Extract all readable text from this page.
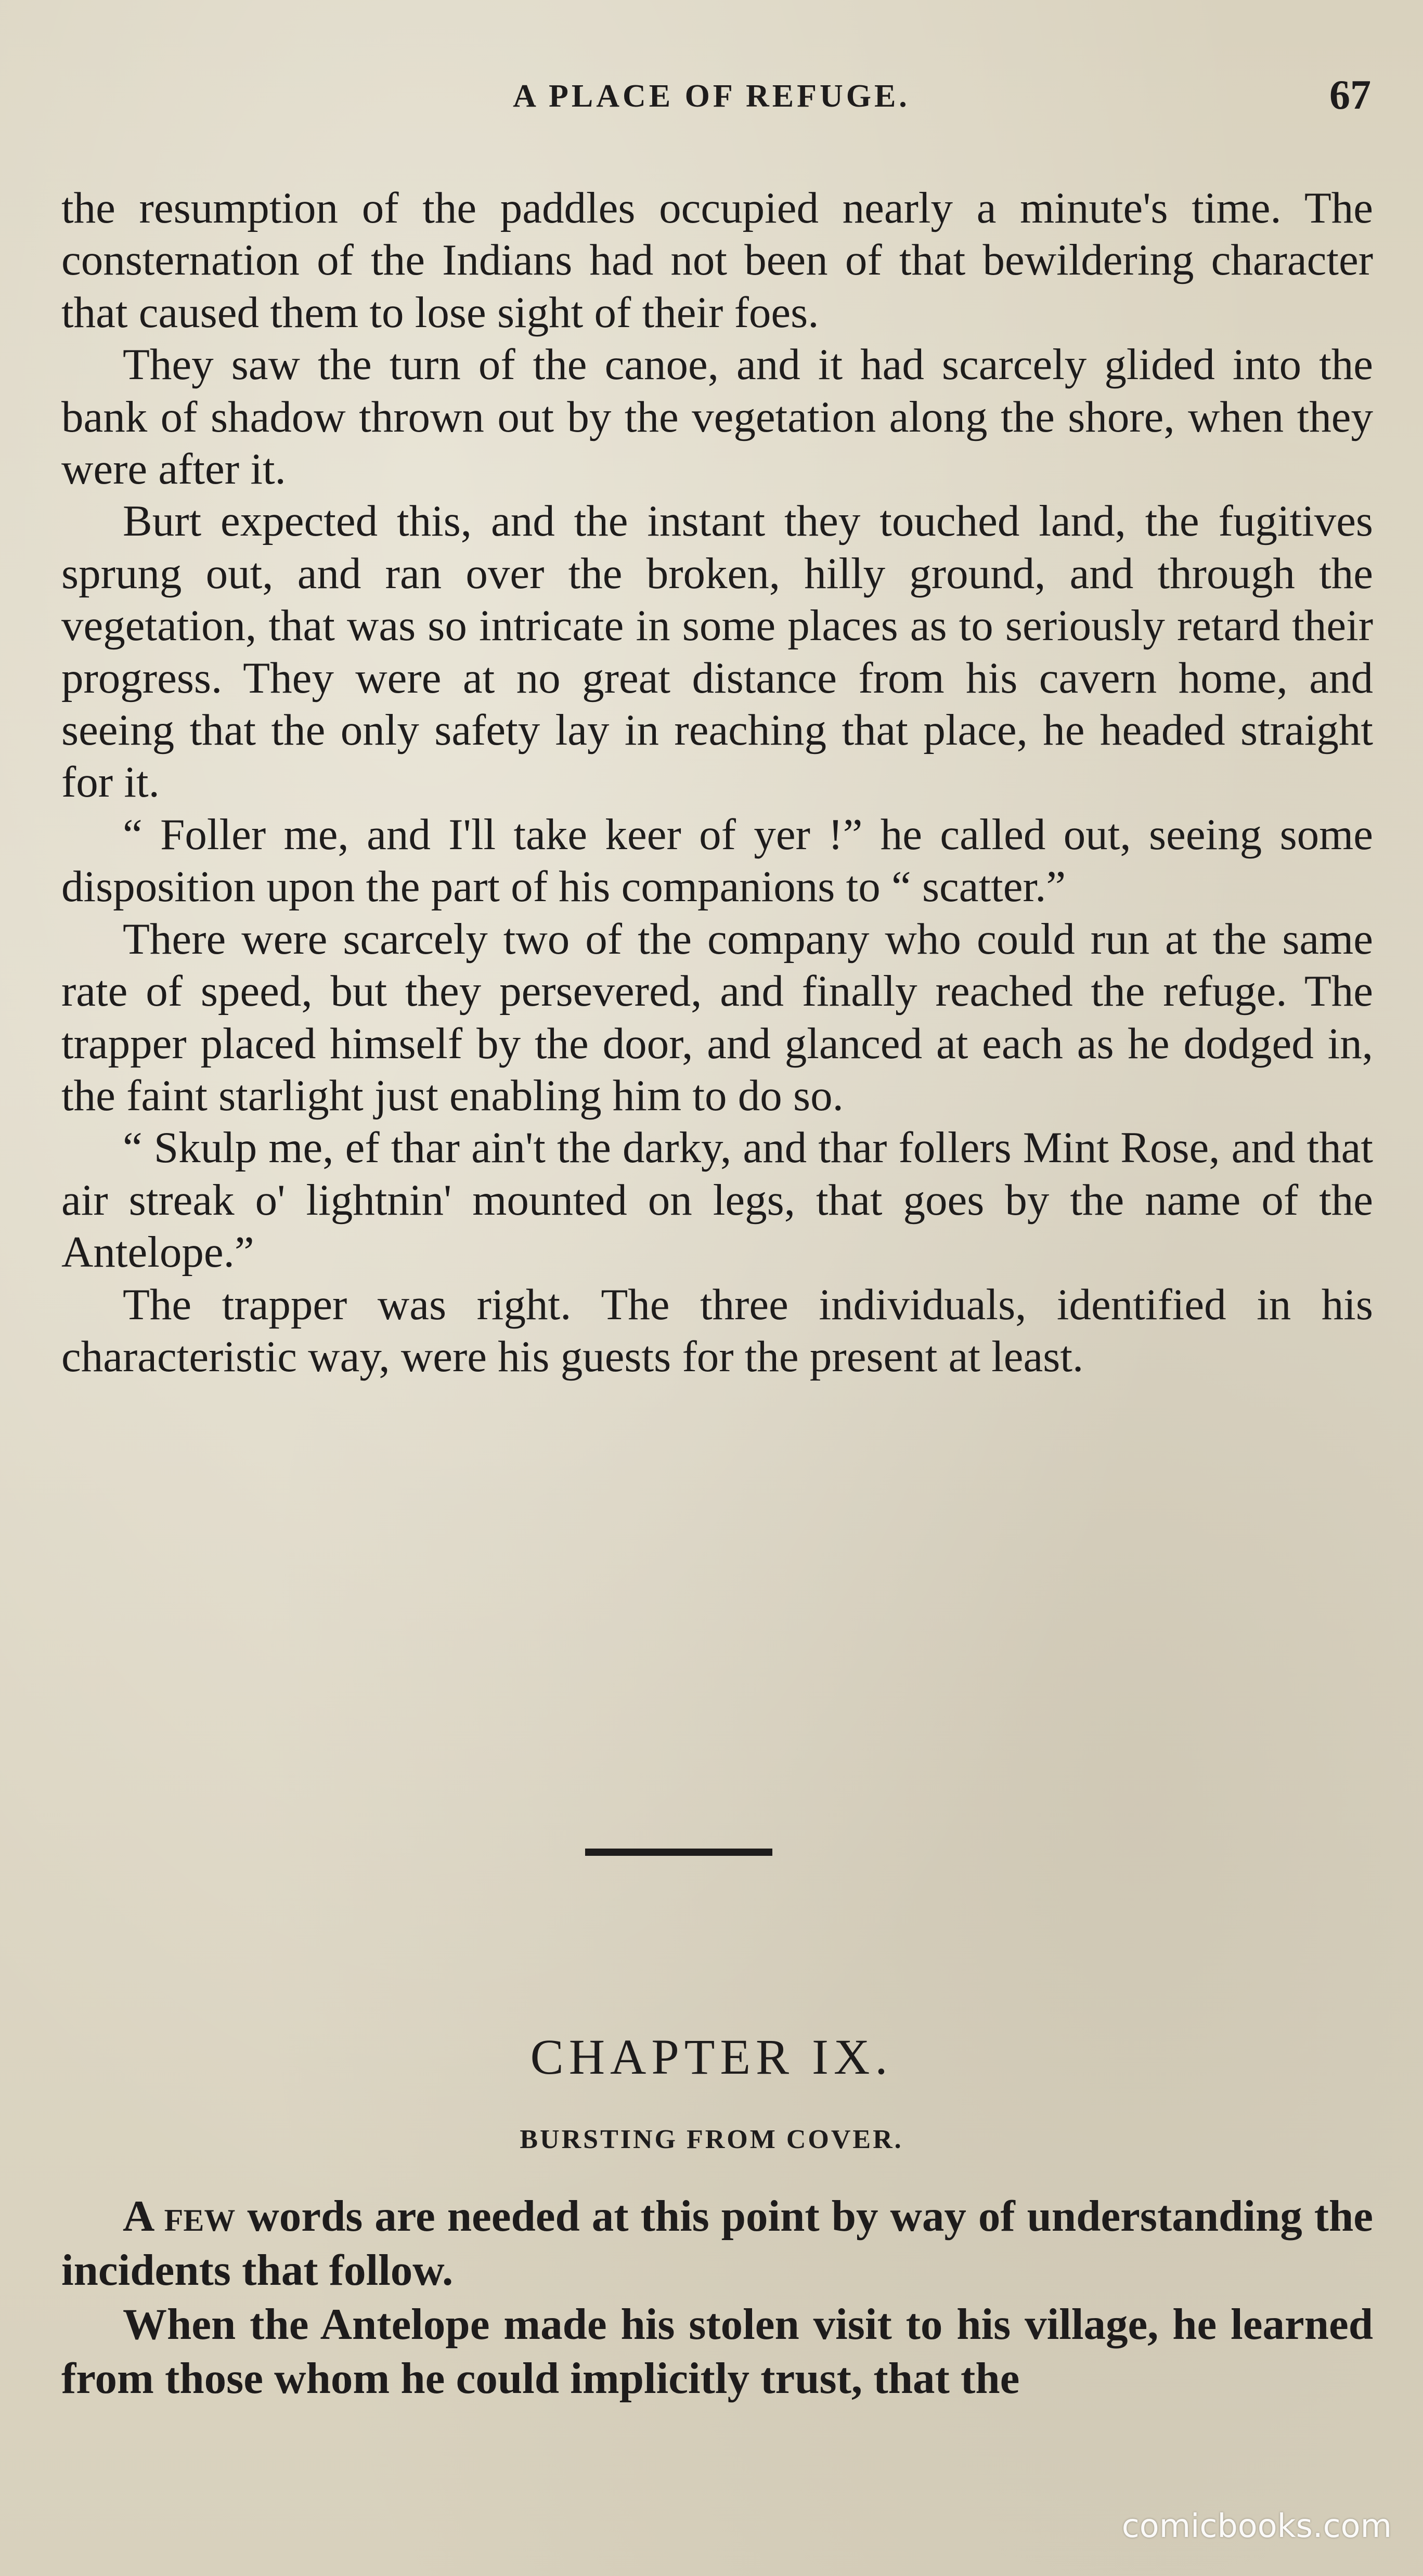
A PLACE OF REFUGE.	67

the resumption of the paddles occupied nearly a minute's time. The consternation of the Indians had not been of that bewildering character that caused them to lose sight of their foes.

They saw the turn of the canoe, and it had scarcely glided into the bank of shadow thrown out by the vegetation along the shore, when they were after it.

Burt expected this, and the instant they touched land, the fugitives sprung out, and ran over the broken, hilly ground, and through the vegetation, that was so intricate in some places as to seriously retard their progress. They were at no great distance from his cavern home, and seeing that the only safety lay in reaching that place, he headed straight for it.

“ Foller me, and I'll take keer of yer !” he called out, seeing some disposition upon the part of his companions to “ scatter.”

There were scarcely two of the company who could run at the same rate of speed, but they persevered, and finally reached the refuge. The trapper placed himself by the door, and glanced at each as he dodged in, the faint starlight just enabling him to do so.

“ Skulp me, ef thar ain't the darky, and thar follers Mint Rose, and that air streak o' lightnin' mounted on legs, that goes by the name of the Antelope.”

The trapper was right. The three individuals, identified in his characteristic way, were his guests for the present at least.

CHAPTER IX.
BURSTING FROM COVER.

A few words are needed at this point by way of understanding the incidents that follow.

When the Antelope made his stolen visit to his village, he learned from those whom he could implicitly trust, that the

comicbooks.com
